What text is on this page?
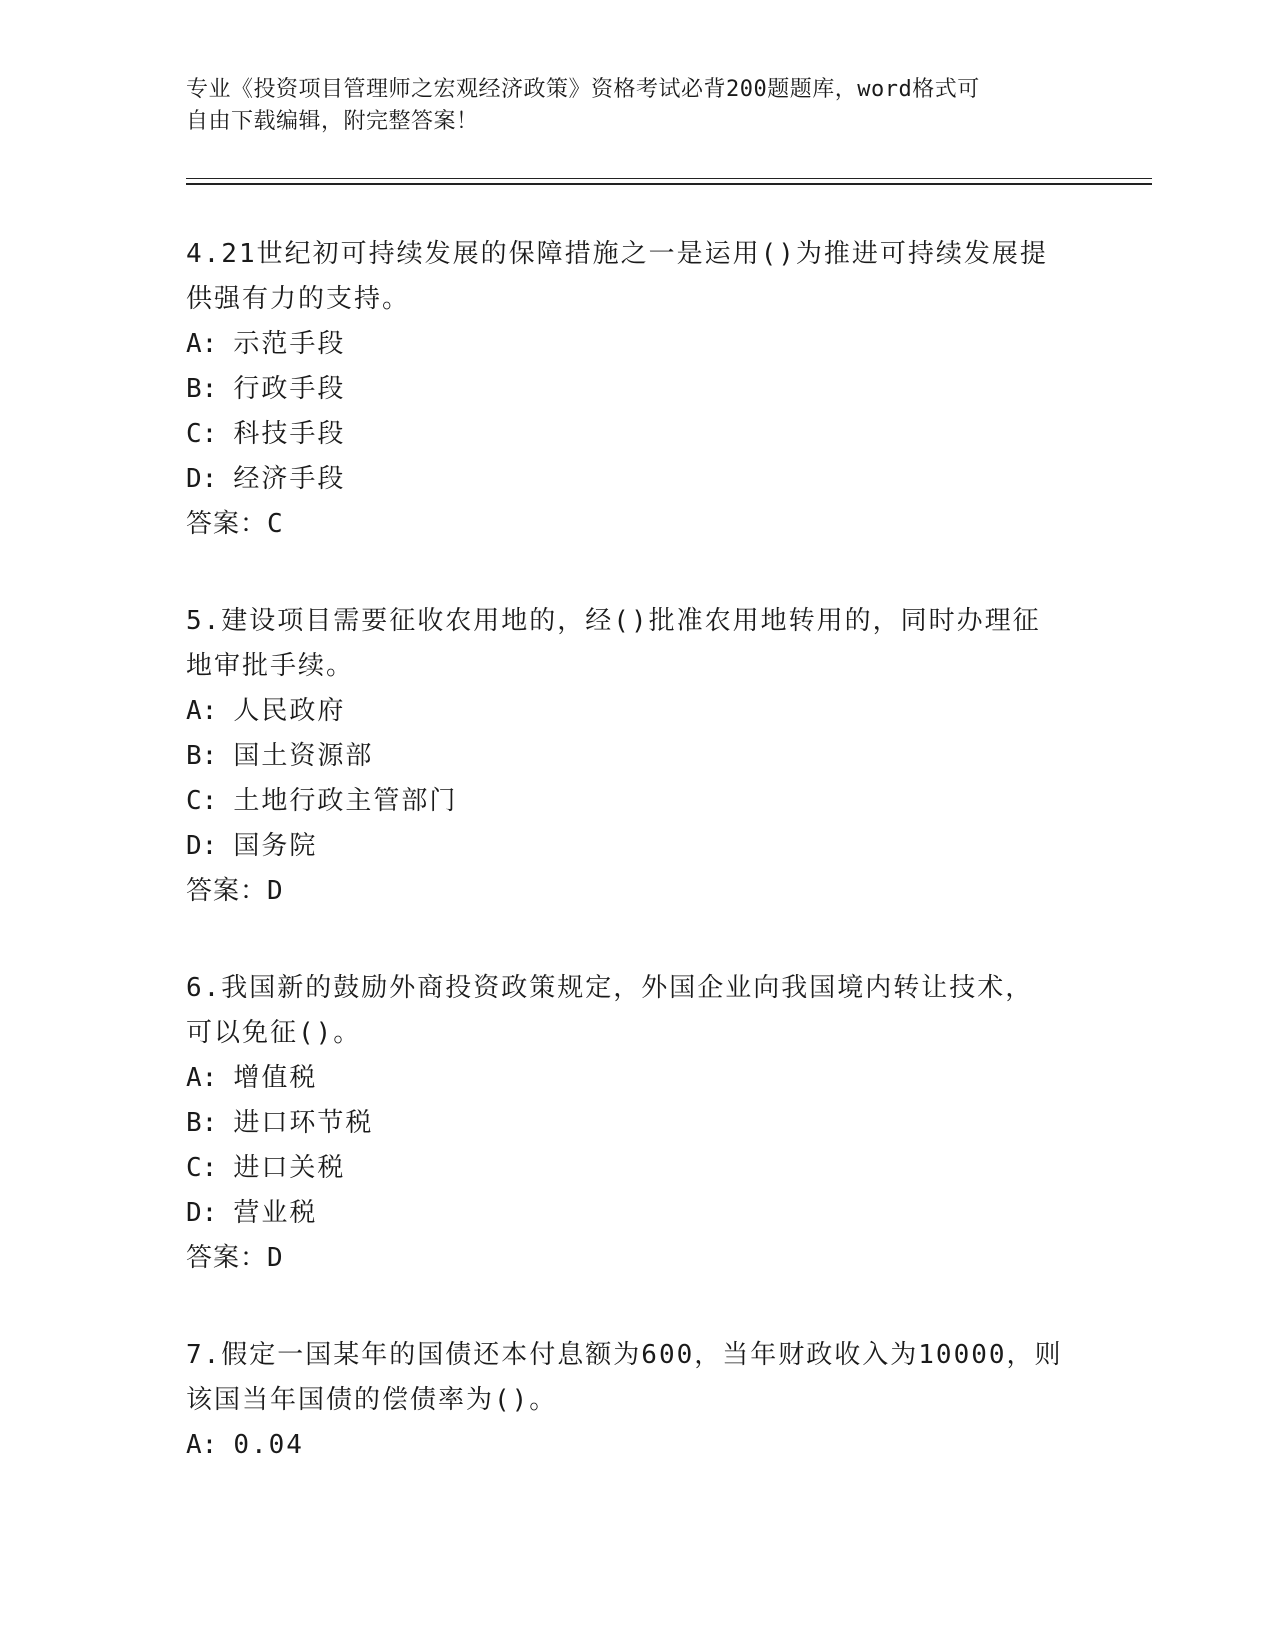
专业《投资项目管理师之宏观经济政策》资格考试必背200题题库，word格式可
自由下载编辑，附完整答案！

4.21世纪初可持续发展的保障措施之一是运用()为推进可持续发展提
供强有力的支持。

A: 示范手段

B: 行政手段

C: 科技手段

D: 经济手段

答案：C

5.建设项目需要征收农用地的，经()批准农用地转用的，同时办理征
地审批手续。

A: 人民政府

B: 国土资源部

C: 土地行政主管部门

D: 国务院

答案：D

6.我国新的鼓励外商投资政策规定，外国企业向我国境内转让技术，
可以免征()。

A: 增值税

B: 进口环节税

C: 进口关税

D: 营业税

答案：D

7.假定一国某年的国债还本付息额为600，当年财政收入为10000，则
该国当年国债的偿债率为()。

A: 0.04
